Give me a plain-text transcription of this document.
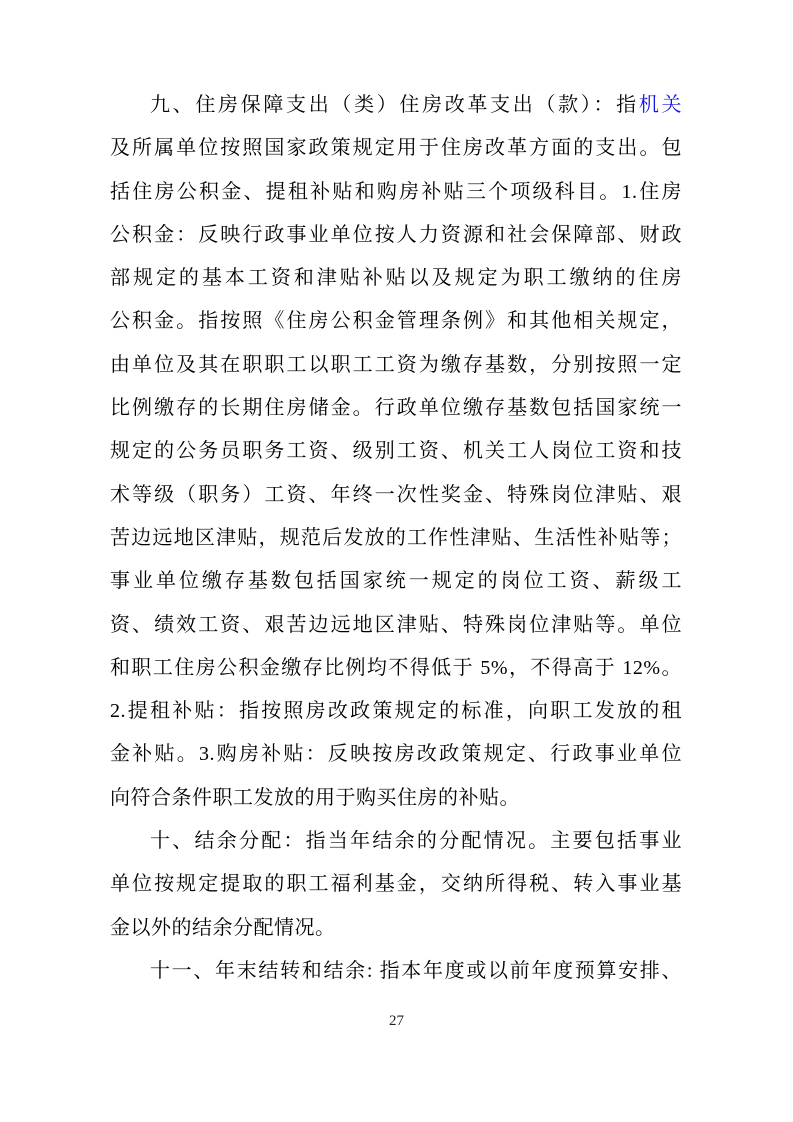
九、住房保障支出（类）住房改革支出（款）：指机关

及所属单位按照国家政策规定用于住房改革方面的支出。包

括住房公积金、提租补贴和购房补贴三个项级科目。1.住房

公积金：反映行政事业单位按人力资源和社会保障部、财政

部规定的基本工资和津贴补贴以及规定为职工缴纳的住房

公积金。指按照《住房公积金管理条例》和其他相关规定，

由单位及其在职职工以职工工资为缴存基数，分别按照一定

比例缴存的长期住房储金。行政单位缴存基数包括国家统一

规定的公务员职务工资、级别工资、机关工人岗位工资和技

术等级（职务）工资、年终一次性奖金、特殊岗位津贴、艰

苦边远地区津贴，规范后发放的工作性津贴、生活性补贴等；

事业单位缴存基数包括国家统一规定的岗位工资、薪级工

资、绩效工资、艰苦边远地区津贴、特殊岗位津贴等。单位

和职工住房公积金缴存比例均不得低于 5%，不得高于 12%。

2.提租补贴：指按照房改政策规定的标准，向职工发放的租

金补贴。3.购房补贴：反映按房改政策规定、行政事业单位

向符合条件职工发放的用于购买住房的补贴。

十、结余分配：指当年结余的分配情况。主要包括事业

单位按规定提取的职工福利基金，交纳所得税、转入事业基

金以外的结余分配情况。

十一、年末结转和结余: 指本年度或以前年度预算安排、

27
